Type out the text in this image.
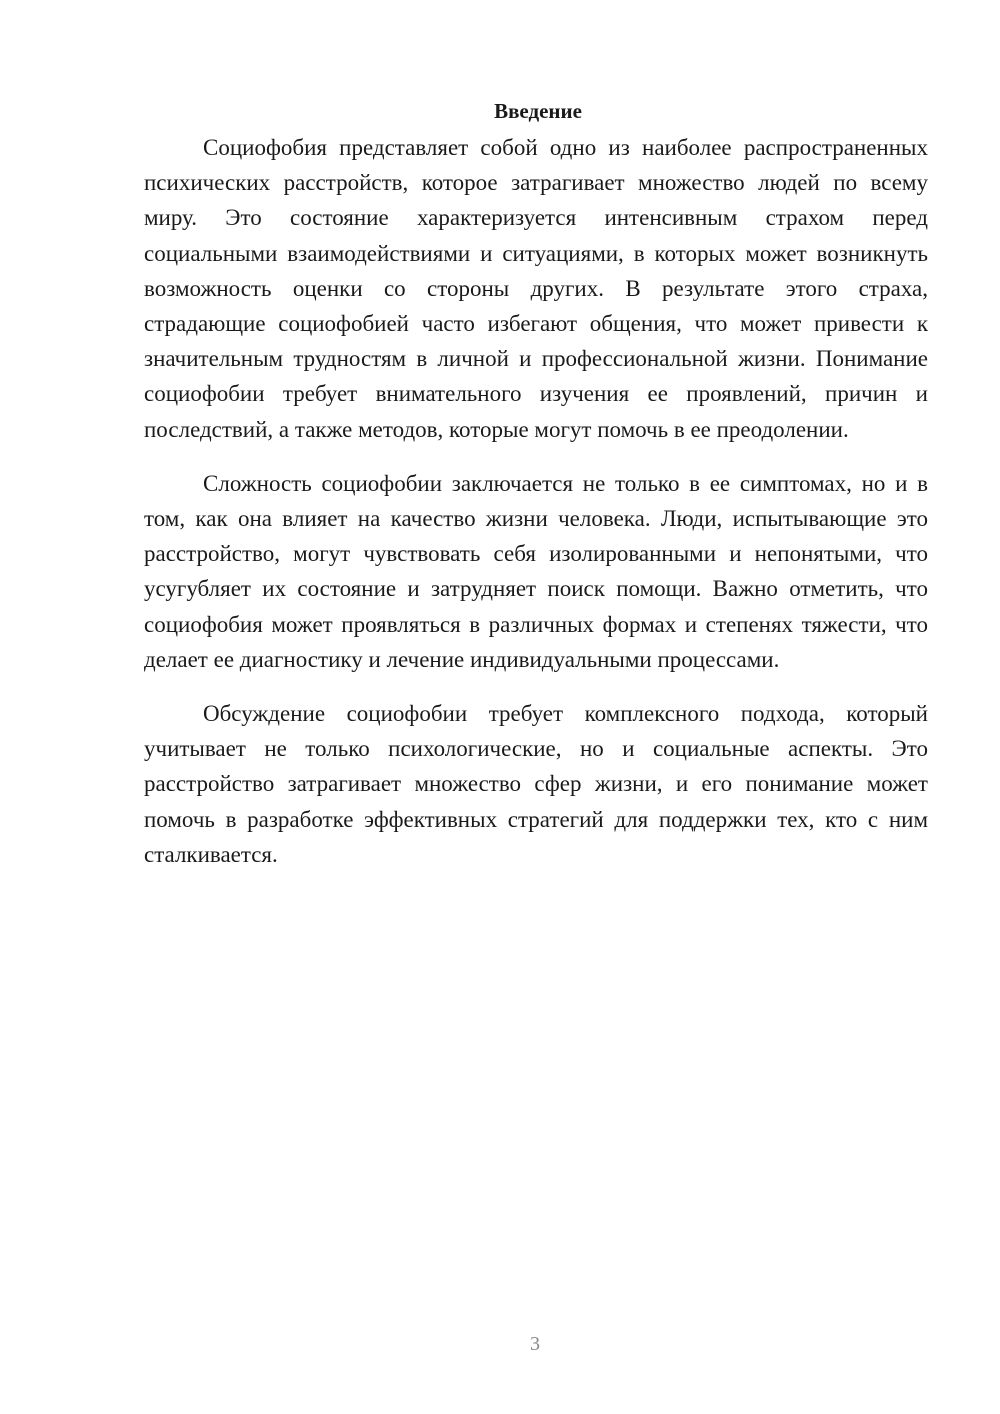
Введение

Социофобия представляет собой одно из наиболее распространенных психических расстройств, которое затрагивает множество людей по всему миру. Это состояние характеризуется интенсивным страхом перед социальными взаимодействиями и ситуациями, в которых может возникнуть возможность оценки со стороны других. В результате этого страха, страдающие социофобией часто избегают общения, что может привести к значительным трудностям в личной и профессиональной жизни. Понимание социофобии требует внимательного изучения ее проявлений, причин и последствий, а также методов, которые могут помочь в ее преодолении.

Сложность социофобии заключается не только в ее симптомах, но и в том, как она влияет на качество жизни человека. Люди, испытывающие это расстройство, могут чувствовать себя изолированными и непонятыми, что усугубляет их состояние и затрудняет поиск помощи. Важно отметить, что социофобия может проявляться в различных формах и степенях тяжести, что делает ее диагностику и лечение индивидуальными процессами.

Обсуждение социофобии требует комплексного подхода, который учитывает не только психологические, но и социальные аспекты. Это расстройство затрагивает множество сфер жизни, и его понимание может помочь в разработке эффективных стратегий для поддержки тех, кто с ним сталкивается.

3
